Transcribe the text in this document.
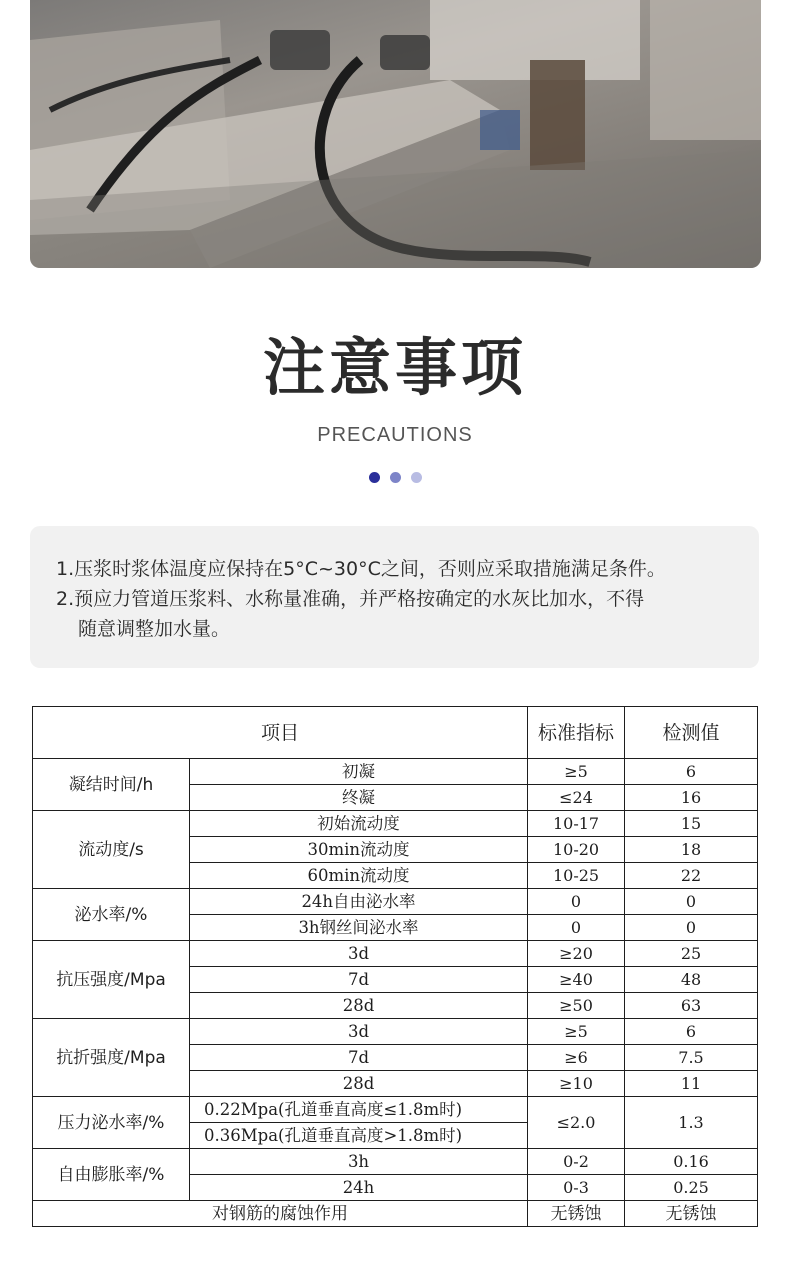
注意事项
PRECAUTIONS

1.压浆时浆体温度应保持在5°C~30°C之间，否则应采取措施满足条件。
2.预应力管道压浆料、水称量准确，并严格按确定的水灰比加水，不得
随意调整加水量。
项目		标准指标	检测值
凝结时间/h	初凝	≥5	6
	终凝	≤24	16
流动度/s	初始流动度	10-17	15
	30min流动度	10-20	18
	60min流动度	10-25	22
泌水率/%	24h自由泌水率	0	0
	3h钢丝间泌水率	0	0
抗压强度/Mpa	3d	≥20	25
	7d	≥40	48
	28d	≥50	63
抗折强度/Mpa	3d	≥5	6
	7d	≥6	7.5
	28d	≥10	11
压力泌水率/%	0.22Mpa(孔道垂直高度≤1.8m时)	≤2.0	1.3
	0.36Mpa(孔道垂直高度>1.8m时)		
自由膨胀率/%	3h	0-2	0.16
	24h	0-3	0.25
对钢筋的腐蚀作用		无锈蚀	无锈蚀
